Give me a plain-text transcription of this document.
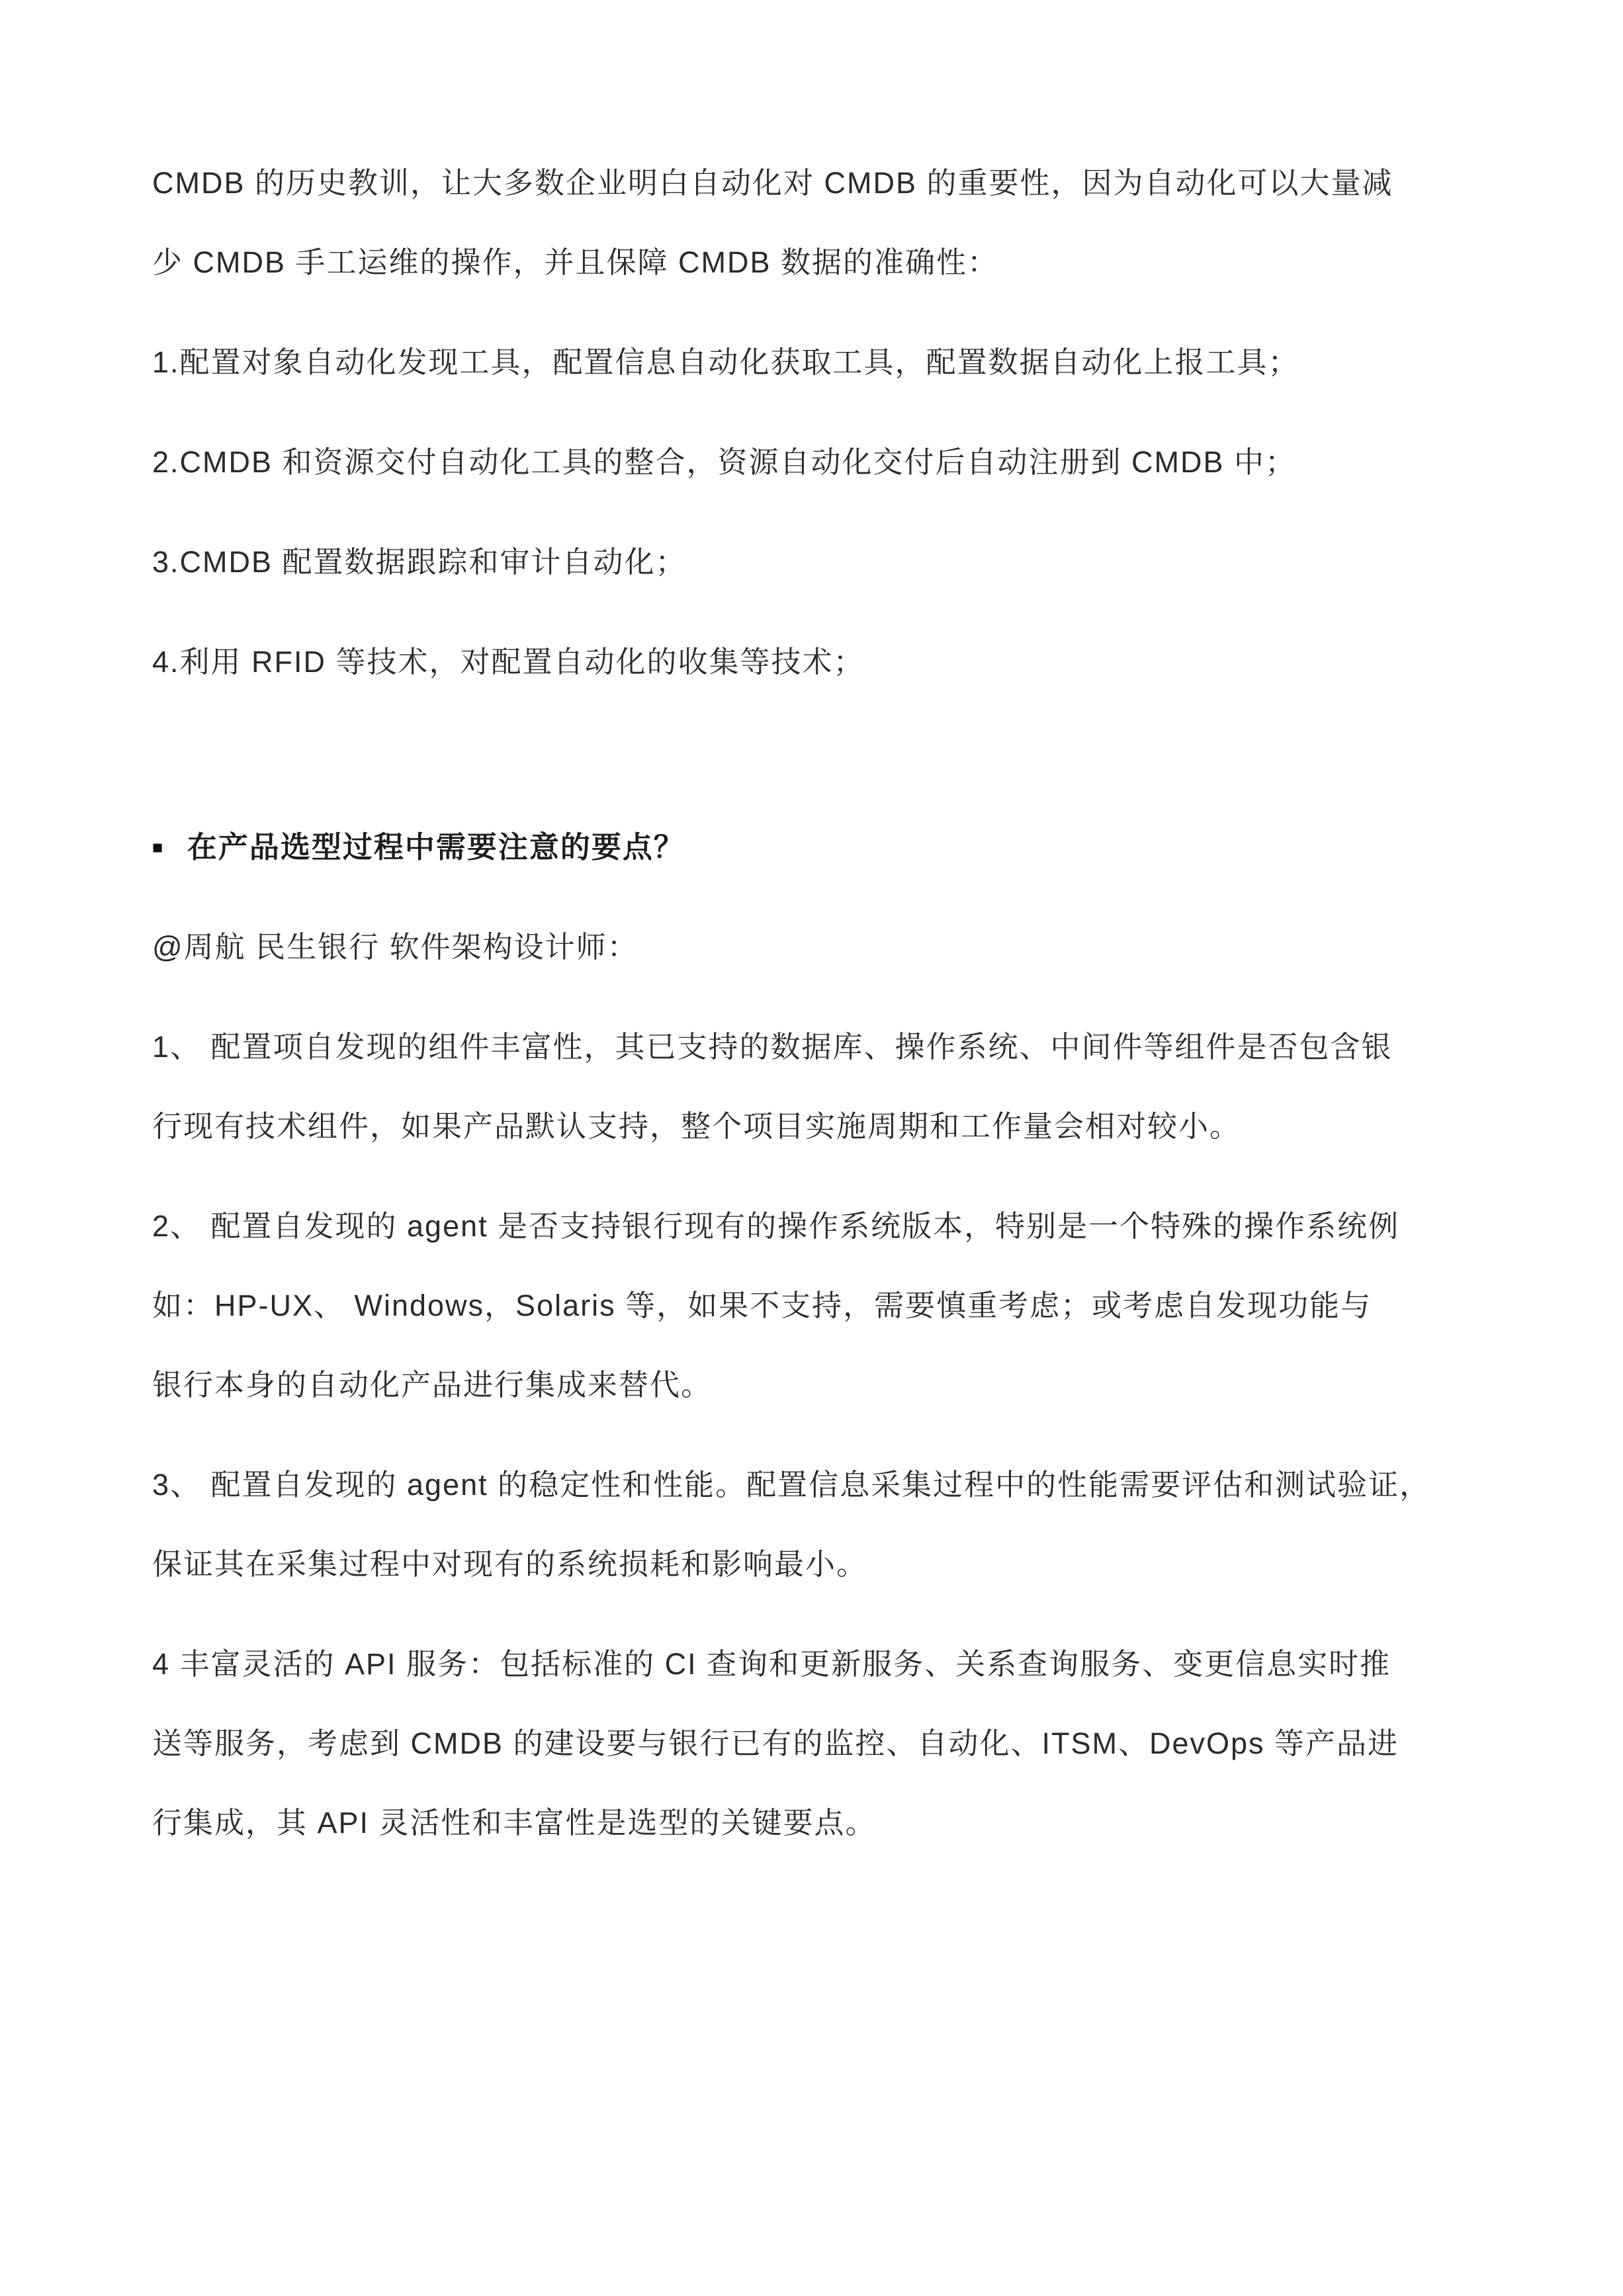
CMDB 的历史教训，让大多数企业明白自动化对 CMDB 的重要性，因为自动化可以大量减

少 CMDB 手工运维的操作，并且保障 CMDB 数据的准确性：

1.配置对象自动化发现工具，配置信息自动化获取工具，配置数据自动化上报工具；

2.CMDB 和资源交付自动化工具的整合，资源自动化交付后自动注册到 CMDB 中；

3.CMDB 配置数据跟踪和审计自动化；

4.利用 RFID 等技术，对配置自动化的收集等技术；

■ 在产品选型过程中需要注意的要点？

@周航 民生银行 软件架构设计师：

1、 配置项自发现的组件丰富性，其已支持的数据库、操作系统、中间件等组件是否包含银

行现有技术组件，如果产品默认支持，整个项目实施周期和工作量会相对较小。

2、 配置自发现的 agent 是否支持银行现有的操作系统版本，特别是一个特殊的操作系统例

如：HP-UX、 Windows，Solaris 等，如果不支持，需要慎重考虑；或考虑自发现功能与

银行本身的自动化产品进行集成来替代。

3、 配置自发现的 agent 的稳定性和性能。配置信息采集过程中的性能需要评估和测试验证，

保证其在采集过程中对现有的系统损耗和影响最小。

4 丰富灵活的 API 服务：包括标准的 CI 查询和更新服务、关系查询服务、变更信息实时推

送等服务，考虑到 CMDB 的建设要与银行已有的监控、自动化、ITSM、DevOps 等产品进

行集成，其 API 灵活性和丰富性是选型的关键要点。
